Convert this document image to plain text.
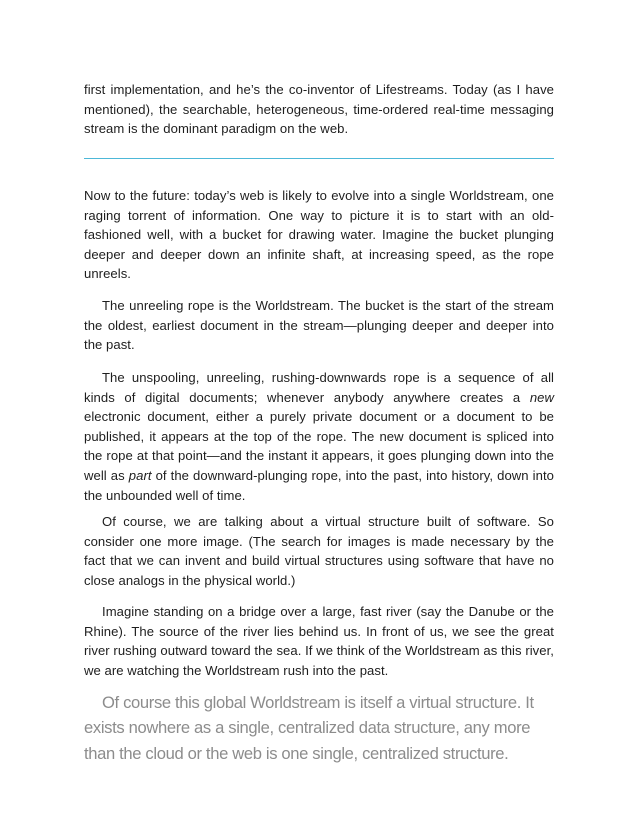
first implementation, and he’s the co-inventor of Lifestreams. Today (as I have mentioned), the searchable, heterogeneous, time-ordered real-time messaging stream is the dominant paradigm on the web.

Now to the future: today’s web is likely to evolve into a single Worldstream, one raging torrent of information. One way to picture it is to start with an old-fashioned well, with a bucket for drawing water. Imagine the bucket plunging deeper and deeper down an infinite shaft, at increasing speed, as the rope unreels.

The unreeling rope is the Worldstream. The bucket is the start of the stream the oldest, earliest document in the stream—plunging deeper and deeper into the past.

The unspooling, unreeling, rushing-downwards rope is a sequence of all kinds of digital documents; whenever anybody anywhere creates a new electronic document, either a purely private document or a document to be published, it appears at the top of the rope. The new document is spliced into the rope at that point—and the instant it appears, it goes plunging down into the well as part of the downward-plunging rope, into the past, into history, down into the unbounded well of time.

Of course, we are talking about a virtual structure built of software. So consider one more image. (The search for images is made necessary by the fact that we can invent and build virtual structures using software that have no close analogs in the physical world.)

Imagine standing on a bridge over a large, fast river (say the Danube or the Rhine). The source of the river lies behind us. In front of us, we see the great river rushing outward toward the sea. If we think of the Worldstream as this river, we are watching the Worldstream rush into the past.

Of course this global Worldstream is itself a virtual structure. It exists nowhere as a single, centralized data structure, any more than the cloud or the web is one single, centralized structure.
